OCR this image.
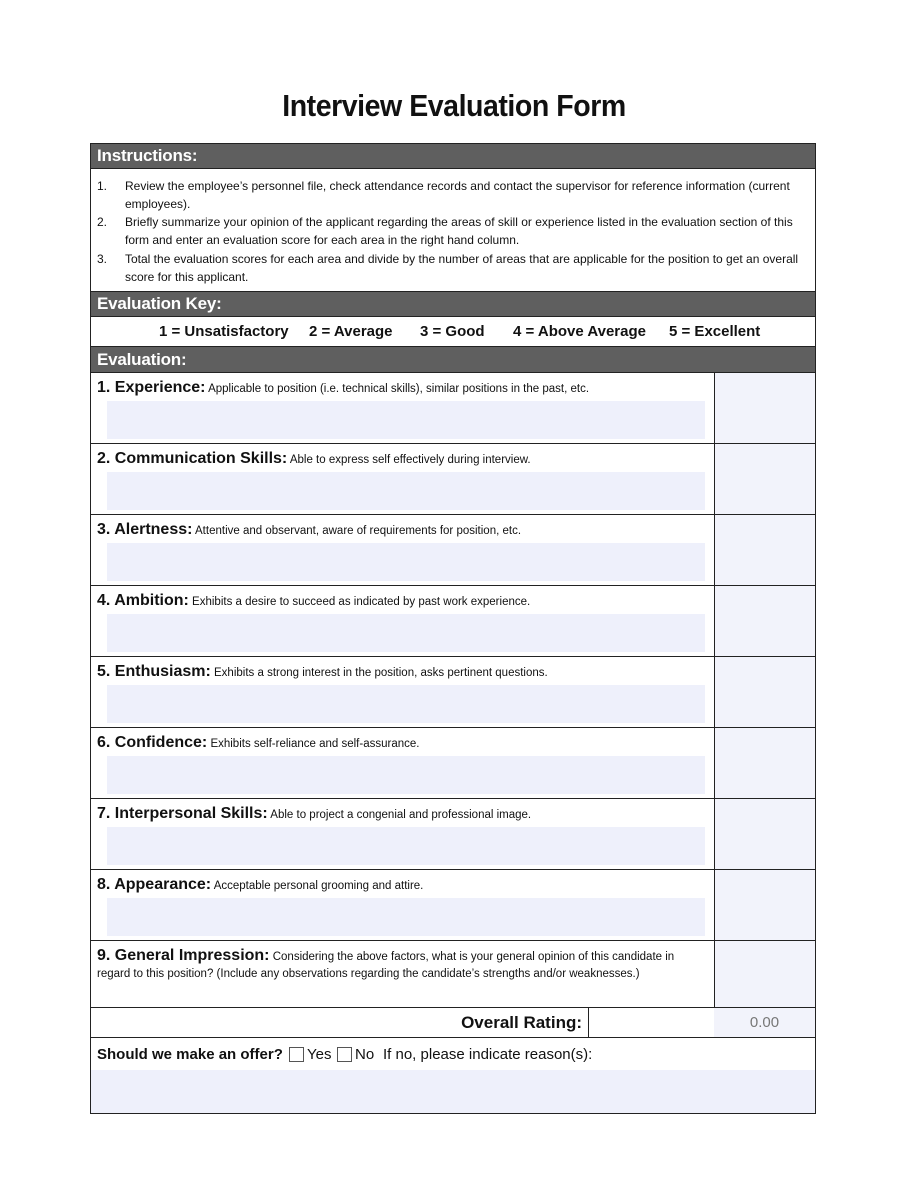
Interview Evaluation Form
Instructions:
1. Review the employee’s personnel file, check attendance records and contact the supervisor for reference information (current employees).
2. Briefly summarize your opinion of the applicant regarding the areas of skill or experience listed in the evaluation section of this form and enter an evaluation score for each area in the right hand column.
3. Total the evaluation scores for each area and divide by the number of areas that are applicable for the position to get an overall score for this applicant.
Evaluation Key:
1 = Unsatisfactory 2 = Average 3 = Good 4 = Above Average 5 = Excellent
Evaluation:
1. Experience: Applicable to position (i.e. technical skills), similar positions in the past, etc.
2. Communication Skills: Able to express self effectively during interview.
3. Alertness: Attentive and observant, aware of requirements for position, etc.
4. Ambition: Exhibits a desire to succeed as indicated by past work experience.
5. Enthusiasm: Exhibits a strong interest in the position, asks pertinent questions.
6. Confidence: Exhibits self-reliance and self-assurance.
7. Interpersonal Skills: Able to project a congenial and professional image.
8. Appearance: Acceptable personal grooming and attire.
9. General Impression: Considering the above factors, what is your general opinion of this candidate in regard to this position? (Include any observations regarding the candidate’s strengths and/or weaknesses.)
Overall Rating:	0.00
Should we make an offer? Yes No If no, please indicate reason(s):
